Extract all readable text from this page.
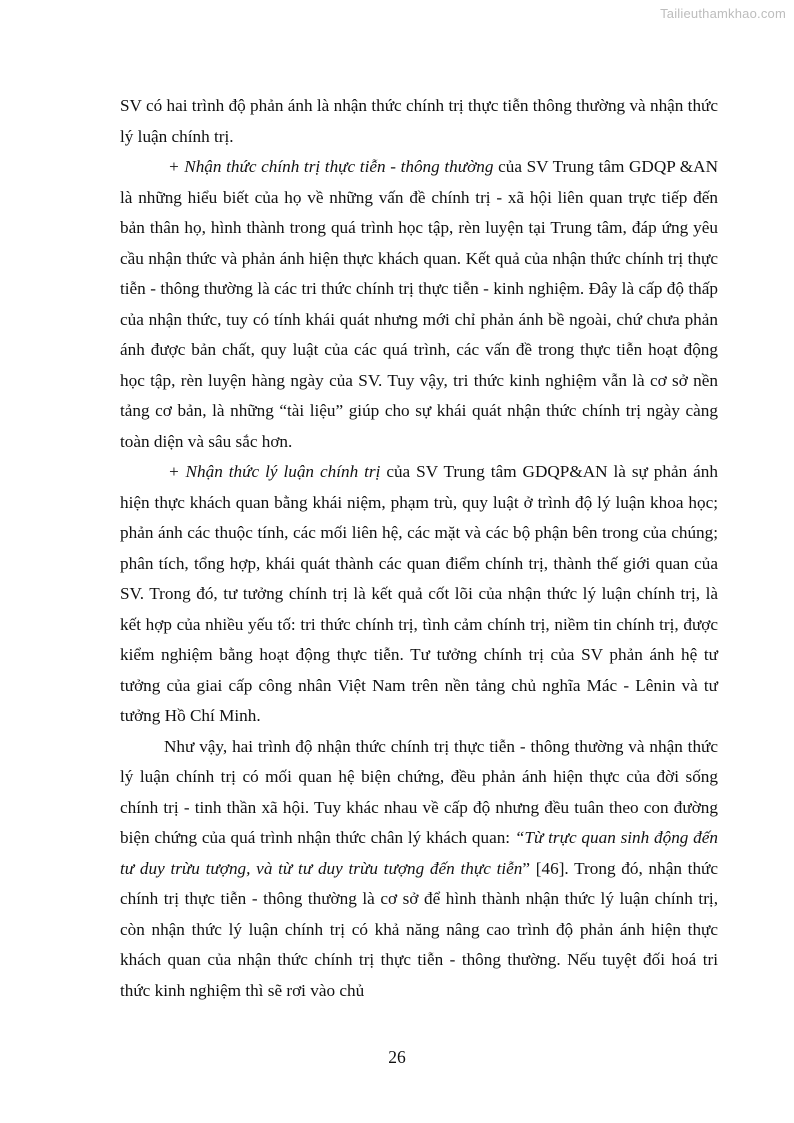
Tailieuthamkhao.com

SV có hai trình độ phản ánh là nhận thức chính trị thực tiễn thông thường và nhận thức lý luận chính trị.

+ Nhận thức chính trị thực tiễn - thông thường của SV Trung tâm GDQP &AN là những hiểu biết của họ về những vấn đề chính trị - xã hội liên quan trực tiếp đến bản thân họ, hình thành trong quá trình học tập, rèn luyện tại Trung tâm, đáp ứng yêu cầu nhận thức và phản ánh hiện thực khách quan. Kết quả của nhận thức chính trị thực tiễn - thông thường là các tri thức chính trị thực tiễn - kinh nghiệm. Đây là cấp độ thấp của nhận thức, tuy có tính khái quát nhưng mới chỉ phản ánh bề ngoài, chứ chưa phản ánh được bản chất, quy luật của các quá trình, các vấn đề trong thực tiễn hoạt động học tập, rèn luyện hàng ngày của SV. Tuy vậy, tri thức kinh nghiệm vẫn là cơ sở nền tảng cơ bản, là những “tài liệu” giúp cho sự khái quát nhận thức chính trị ngày càng toàn diện và sâu sắc hơn.

+ Nhận thức lý luận chính trị của SV Trung tâm GDQP&AN là sự phản ánh hiện thực khách quan bằng khái niệm, phạm trù, quy luật ở trình độ lý luận khoa học; phản ánh các thuộc tính, các mối liên hệ, các mặt và các bộ phận bên trong của chúng; phân tích, tổng hợp, khái quát thành các quan điểm chính trị, thành thế giới quan của SV. Trong đó, tư tưởng chính trị là kết quả cốt lõi của nhận thức lý luận chính trị, là kết hợp của nhiều yếu tố: tri thức chính trị, tình cảm chính trị, niềm tin chính trị, được kiểm nghiệm bằng hoạt động thực tiễn. Tư tưởng chính trị của SV phản ánh hệ tư tưởng của giai cấp công nhân Việt Nam trên nền tảng chủ nghĩa Mác - Lênin và tư tưởng Hồ Chí Minh.

Như vậy, hai trình độ nhận thức chính trị thực tiễn - thông thường và nhận thức lý luận chính trị có mối quan hệ biện chứng, đều phản ánh hiện thực của đời sống chính trị - tinh thần xã hội. Tuy khác nhau về cấp độ nhưng đều tuân theo con đường biện chứng của quá trình nhận thức chân lý khách quan: “Từ trực quan sinh động đến tư duy trừu tượng, và từ tư duy trừu tượng đến thực tiễn” [46]. Trong đó, nhận thức chính trị thực tiễn - thông thường là cơ sở để hình thành nhận thức lý luận chính trị, còn nhận thức lý luận chính trị có khả năng nâng cao trình độ phản ánh hiện thực khách quan của nhận thức chính trị thực tiễn - thông thường. Nếu tuyệt đối hoá tri thức kinh nghiệm thì sẽ rơi vào chủ

26
